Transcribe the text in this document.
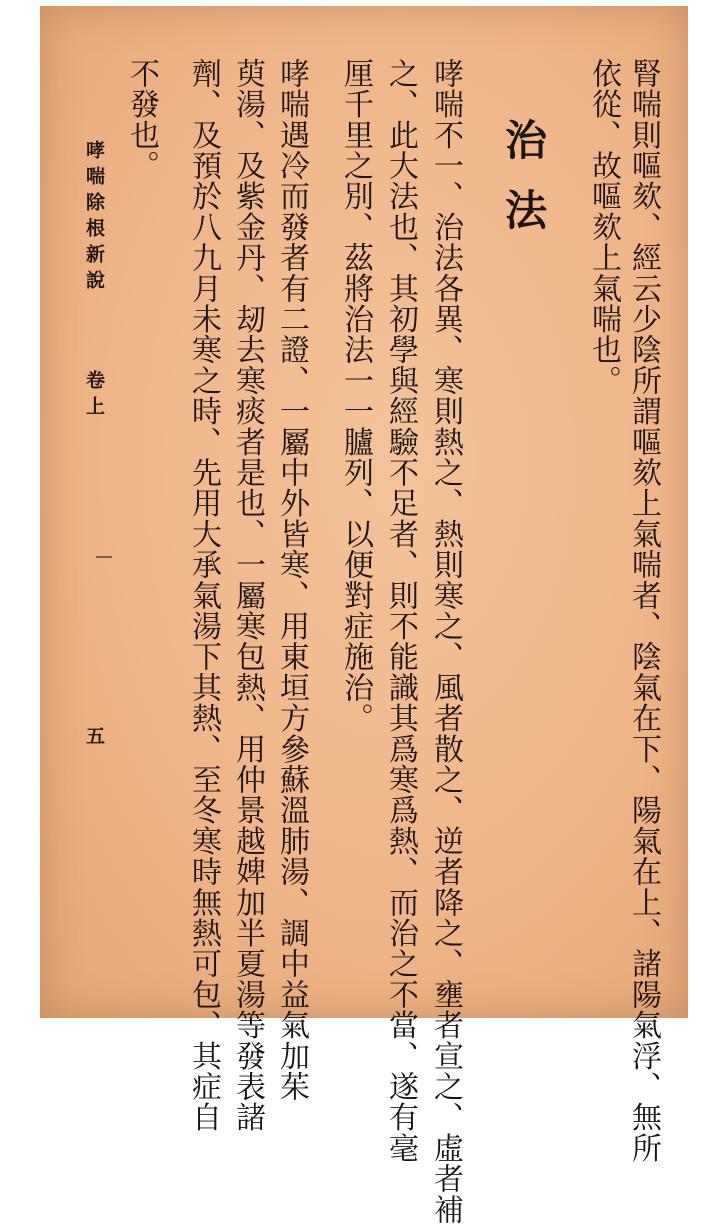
腎喘則嘔欬、經云少陰所謂嘔欬上氣喘者、陰氣在下、陽氣在上、諸陽氣浮、無所
依從、故嘔欬上氣喘也。
治法
哮喘不一、治法各異、寒則熱之、熱則寒之、風者散之、逆者降之、壅者宣之、虛者補
之、此大法也、其初學與經驗不足者、則不能識其爲寒爲熱、而治之不當、遂有毫
厘千里之別、茲將治法一一臚列、以便對症施治。
哮喘遇冷而發者有二證、一屬中外皆寒、用東垣方參蘇溫肺湯、調中益氣加茱
萸湯、及紫金丹、刼去寒痰者是也、一屬寒包熱、用仲景越婢加半夏湯等發表諸
劑、及預於八九月未寒之時、先用大承氣湯下其熱、至冬寒時無熱可包、其症自
不發也。
哮喘除根新說
卷上
五
